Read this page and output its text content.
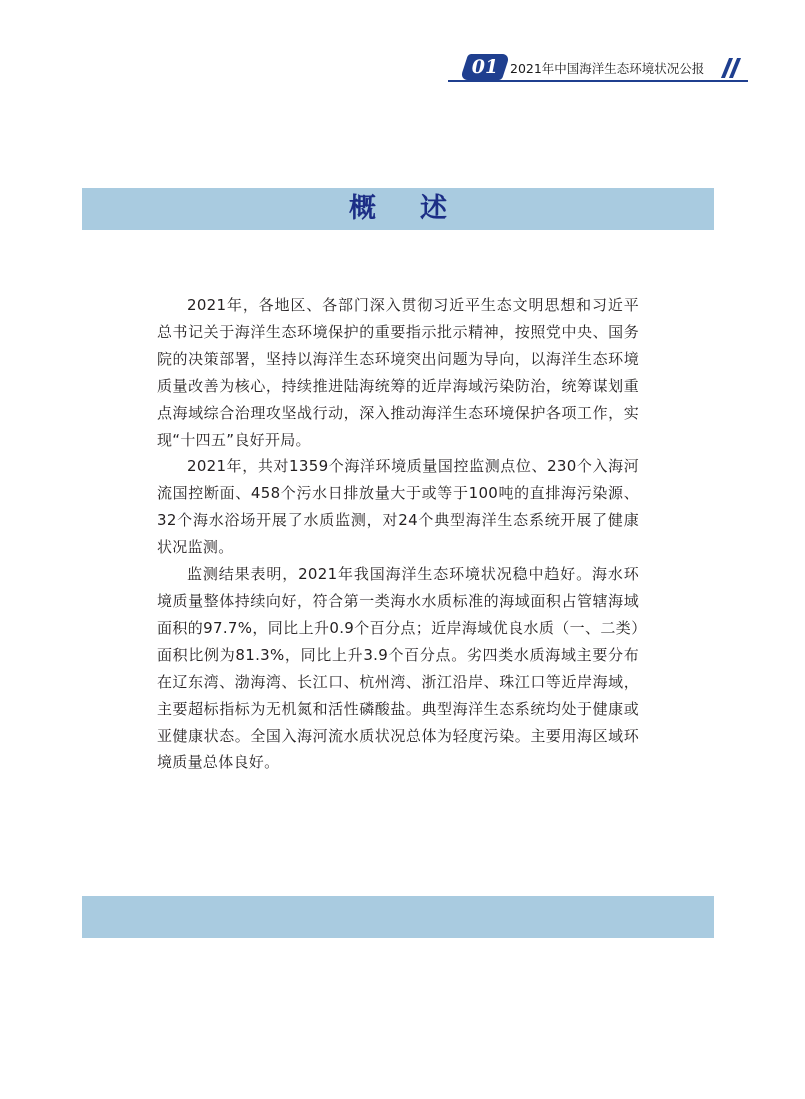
01 2021年中国海洋生态环境状况公报
概述

2021年，各地区、各部门深入贯彻习近平生态文明思想和习近平总书记关于海洋生态环境保护的重要指示批示精神，按照党中央、国务院的决策部署，坚持以海洋生态环境突出问题为导向，以海洋生态环境质量改善为核心，持续推进陆海统筹的近岸海域污染防治，统筹谋划重点海域综合治理攻坚战行动，深入推动海洋生态环境保护各项工作，实现“十四五”良好开局。

2021年，共对1359个海洋环境质量国控监测点位、230个入海河流国控断面、458个污水日排放量大于或等于100吨的直排海污染源、32个海水浴场开展了水质监测，对24个典型海洋生态系统开展了健康状况监测。

监测结果表明，2021年我国海洋生态环境状况稳中趋好。海水环境质量整体持续向好，符合第一类海水水质标准的海域面积占管辖海域面积的97.7%，同比上升0.9个百分点；近岸海域优良水质（一、二类）面积比例为81.3%，同比上升3.9个百分点。劣四类水质海域主要分布在辽东湾、渤海湾、长江口、杭州湾、浙江沿岸、珠江口等近岸海域，主要超标指标为无机氮和活性磷酸盐。典型海洋生态系统均处于健康或亚健康状态。全国入海河流水质状况总体为轻度污染。主要用海区域环境质量总体良好。
